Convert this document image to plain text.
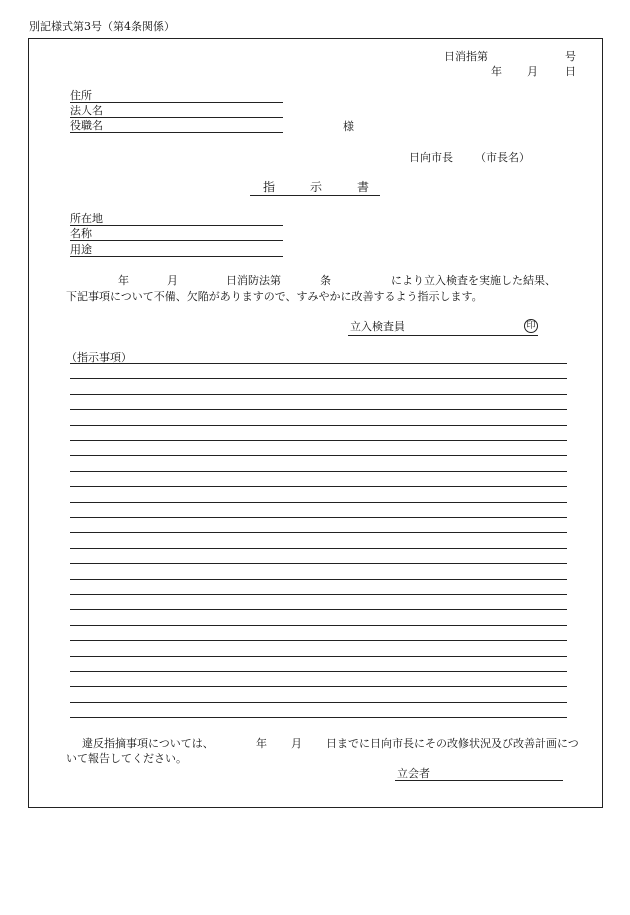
別記様式第3号（第4条関係）
日消指第	号
年 月 日
住所
法人名
役職名	様
日向市長 （市長名）
指	示	書
所在地
名称
用途
年	月	日消防法第	条	により立入検査を実施した結果、
下記事項について不備、欠陥がありますので、すみやかに改善するよう指示します。
立入検査員	印
（指示事項）
違反指摘事項については、	年 月 日までに日向市長にその改修状況及び改善計画につ
いて報告してください。
立会者
